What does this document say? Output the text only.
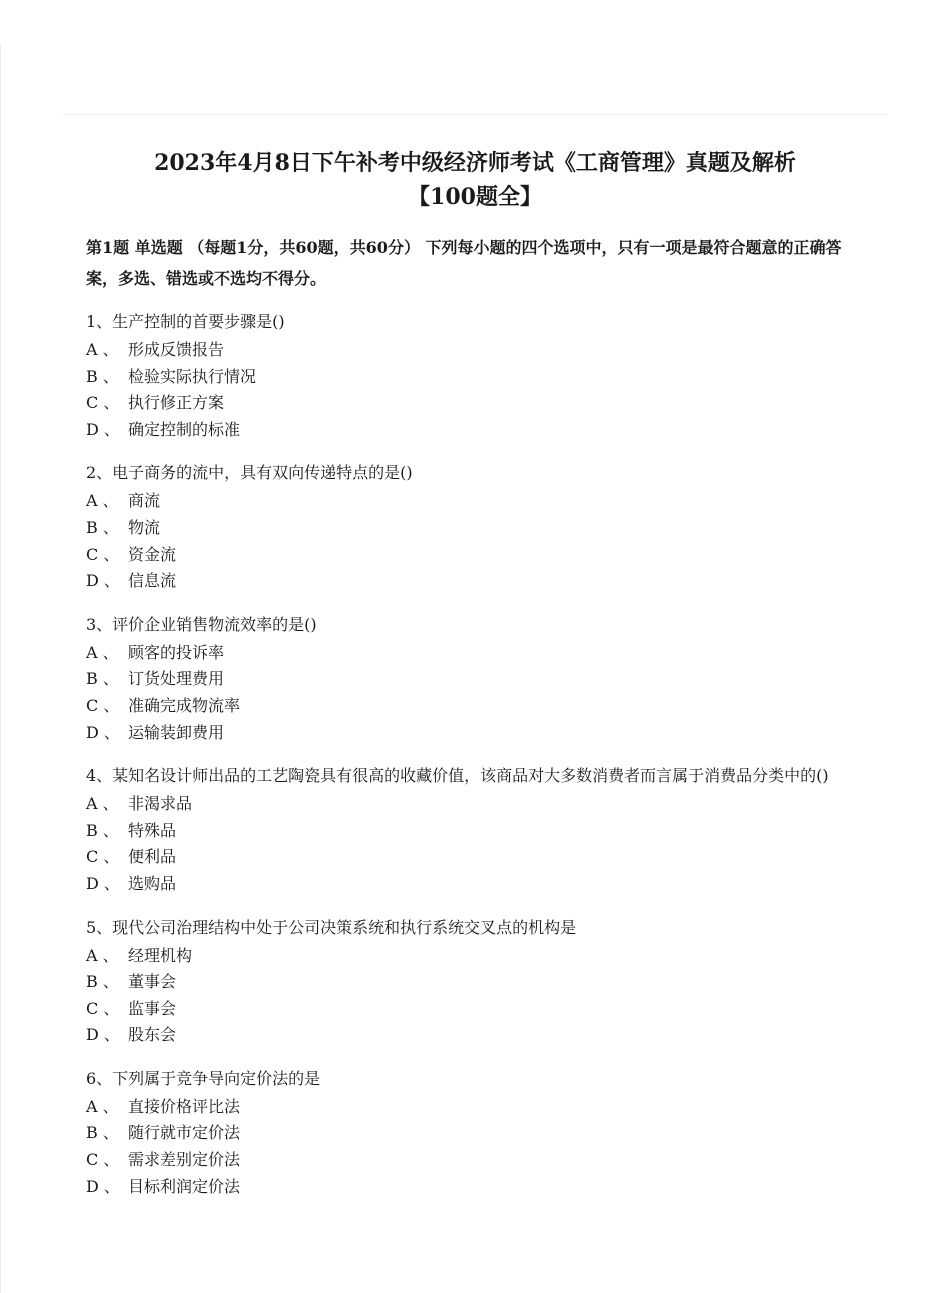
2023年4月8日下午补考中级经济师考试《工商管理》真题及解析
【100题全】

第1题 单选题 （每题1分，共60题，共60分） 下列每小题的四个选项中，只有一项是最符合题意的正确答案，多选、错选或不选均不得分。

1、生产控制的首要步骤是()
A 、 形成反馈报告
B 、 检验实际执行情况
C 、 执行修正方案
D 、 确定控制的标准
2、电子商务的流中，具有双向传递特点的是()
A 、 商流
B 、 物流
C 、 资金流
D 、 信息流
3、评价企业销售物流效率的是()
A 、 顾客的投诉率
B 、 订货处理费用
C 、 准确完成物流率
D 、 运输装卸费用
4、某知名设计师出品的工艺陶瓷具有很高的收藏价值，该商品对大多数消费者而言属于消费品分类中的()
A 、 非渴求品
B 、 特殊品
C 、 便利品
D 、 选购品
5、现代公司治理结构中处于公司决策系统和执行系统交叉点的机构是
A 、 经理机构
B 、 董事会
C 、 监事会
D 、 股东会
6、下列属于竞争导向定价法的是
A 、 直接价格评比法
B 、 随行就市定价法
C 、 需求差别定价法
D 、 目标利润定价法
